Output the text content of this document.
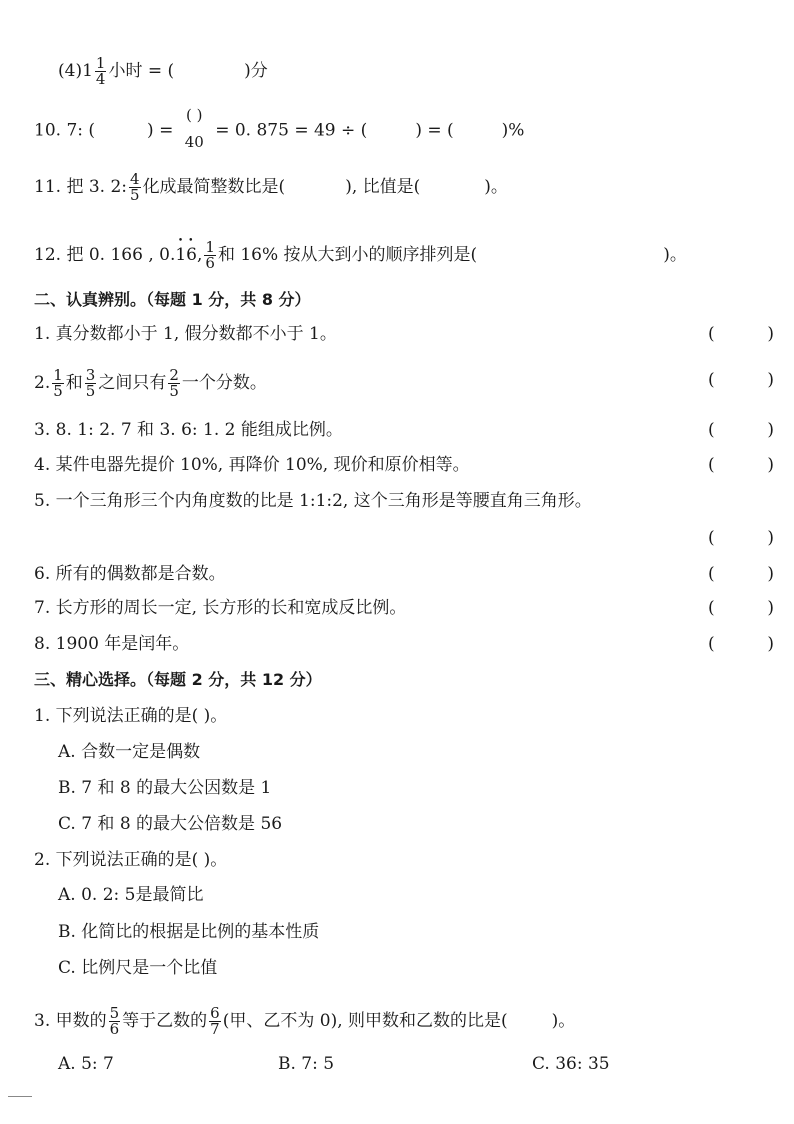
$(4)1 \frac{1}{4}$ 小时 = (	)分
10. 7: (	) =
( )
40
= 0. 875 = 49 ÷ (	) = (	)%
11. 把 3. 2: $\frac{4}{5}$ 化成最简整数比是(	), 比值是(	)。
12. 把 0. 166 , 0.• • 16, $\frac{1}{6}$ 和 16% 按从大到小的顺序排列是(	)。
二、认真辨别。（每题 1 分，共 8 分）
1. 真分数都小于 1, 假分数都不小于 1。	(	)
2. $\frac{1}{5}$ 和 $\frac{3}{5}$ 之间只有 $\frac{2}{5}$ 一个分数。	(	)
3. 8. 1: 2. 7 和 3. 6: 1. 2 能组成比例。	(	)
4. 某件电器先提价 10%, 再降价 10%, 现价和原价相等。	(	)
5. 一个三角形三个内角度数的比是 1:1:2, 这个三角形是等腰直角三角形。
(	)
6. 所有的偶数都是合数。	(	)
7. 长方形的周长一定, 长方形的长和宽成反比例。	(	)
8. 1900 年是闰年。	(	)
三、精心选择。（每题 2 分，共 12 分）
1. 下列说法正确的是( )。
A. 合数一定是偶数
B. 7 和 8 的最大公因数是 1
C. 7 和 8 的最大公倍数是 56
2. 下列说法正确的是( )。
A. 0. 2: 5是最简比
B. 化简比的根据是比例的基本性质
C. 比例尺是一个比值
3. 甲数的 $\frac{5}{6}$ 等于乙数的 $\frac{6}{7}$ (甲、乙不为 0), 则甲数和乙数的比是(	)。
A. 5: 7	B. 7: 5	C. 36: 35
